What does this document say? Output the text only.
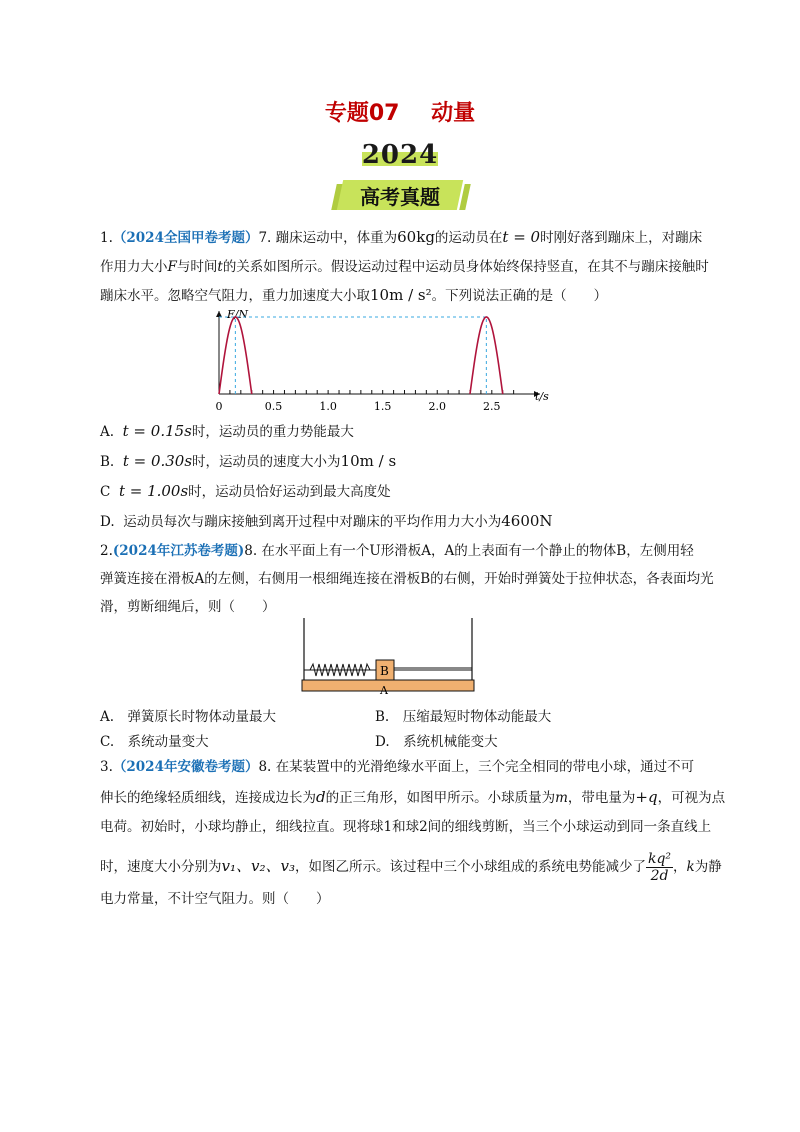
专题07 动量
2024
高考真题
1.（2024全国甲卷考题）7. 蹦床运动中，体重为60kg的运动员在t = 0时刚好落到蹦床上，对蹦床
作用力大小F与时间t的关系如图所示。假设运动过程中运动员身体始终保持竖直，在其不与蹦床接触时
蹦床水平。忽略空气阻力，重力加速度大小取10m / s²。下列说法正确的是（　　）
F/N
t/s
0	0.5	1.0	1.5	2.0	2.5
A. t = 0.15s时，运动员的重力势能最大
B. t = 0.30s时，运动员的速度大小为10m / s
C t = 1.00s时，运动员恰好运动到最大高度处
D. 运动员每次与蹦床接触到离开过程中对蹦床的平均作用力大小为4600N
2.(2024年江苏卷考题)8. 在水平面上有一个U形滑板A，A的上表面有一个静止的物体B，左侧用轻
弹簧连接在滑板A的左侧，右侧用一根细绳连接在滑板B的右侧，开始时弹簧处于拉伸状态，各表面均光
滑，剪断细绳后，则（　　）
B
A
A.　弹簧原长时物体动量最大	B.　压缩最短时物体动能最大
C.　系统动量变大	D.　系统机械能变大
3.（2024年安徽卷考题）8. 在某装置中的光滑绝缘水平面上，三个完全相同的带电小球，通过不可
伸长的绝缘轻质细线，连接成边长为d的正三角形，如图甲所示。小球质量为m，带电量为+q，可视为点
电荷。初始时，小球均静止，细线拉直。现将球1和球2间的细线剪断，当三个小球运动到同一条直线上
时，速度大小分别为v₁、v₂、v₃，如图乙所示。该过程中三个小球组成的系统电势能减少了 $\frac{\text{kq²}}{2d}$ ，k为静
电力常量，不计空气阻力。则（　　）
